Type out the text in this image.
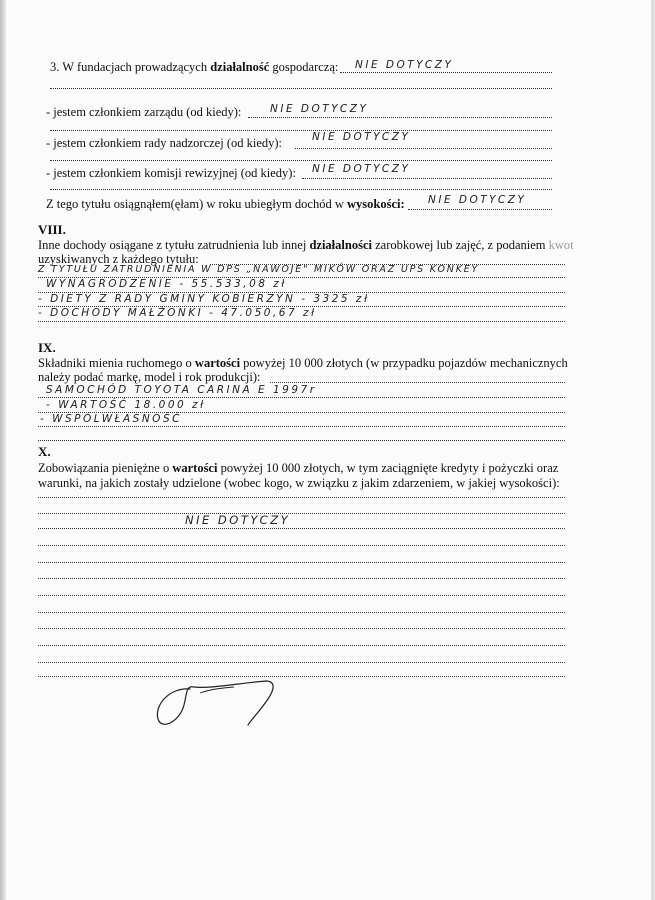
3. W fundacjach prowadzących działalność gospodarczą: NIE DOTYCZY
- jestem członkiem zarządu (od kiedy):	NIE DOTYCZY
- jestem członkiem rady nadzorczej (od kiedy):	NIE DOTYCZY
- jestem członkiem komisji rewizyjnej (od kiedy): NIE DOTYCZY
Z tego tytułu osiągnąłem(ęłam) w roku ubiegłym dochód w wysokości: NIE DOTYCZY
VIII.
Inne dochody osiągane z tytułu zatrudnienia lub innej działalności zarobkowej lub zajęć, z podaniem kwot
uzyskiwanych z każdego tytułu:
Z TYTUŁU ZATRUDNIENIA W DPS „NAWOJE" MIKÓW ORAZ UPS KONKEY
WYNAGRODZENIE - 55.533,08 zł
- DIETY Z RADY GMINY KOBIERZYN - 3325 zł
- DOCHODY MAŁŻONKI - 47.050,67 zł
IX.
Składniki mienia ruchomego o wartości powyżej 10 000 złotych (w przypadku pojazdów mechanicznych
należy podać markę, model i rok produkcji):
SAMOCHÓD TOYOTA CARINA E 1997r
- WARTOŚĆ 18.000 zł
- WSPÓLWŁASNOŚĆ
X.
Zobowiązania pieniężne o wartości powyżej 10 000 złotych, w tym zaciągnięte kredyty i pożyczki oraz
warunki, na jakich zostały udzielone (wobec kogo, w związku z jakim zdarzeniem, w jakiej wysokości):
NIE DOTYCZY
